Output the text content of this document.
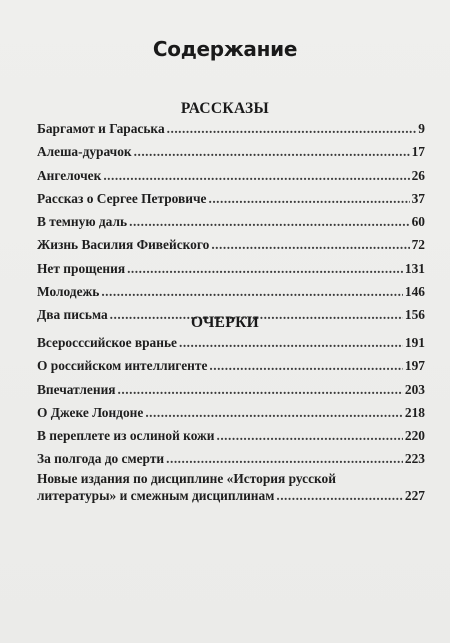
Содержание
РАССКАЗЫ
Баргамот и Гараська .....	9
Алеша-дурачок .....	17
Ангелочек .....	26
Рассказ о Сергее Петровиче .....	37
В темную даль .....	60
Жизнь Василия Фивейского .....	72
Нет прощения .....	131
Молодежь .....	146
Два письма .....	156
ОЧЕРКИ
Всеросссийское вранье .....	191
О российском интеллигенте .....	197
Впечатления .....	203
О Джеке Лондоне .....	218
В переплете из ослиной кожи .....	220
За полгода до смерти .....	223
Новые издания по дисциплине «История русской
литературы» и смежным дисциплинам .....	227
